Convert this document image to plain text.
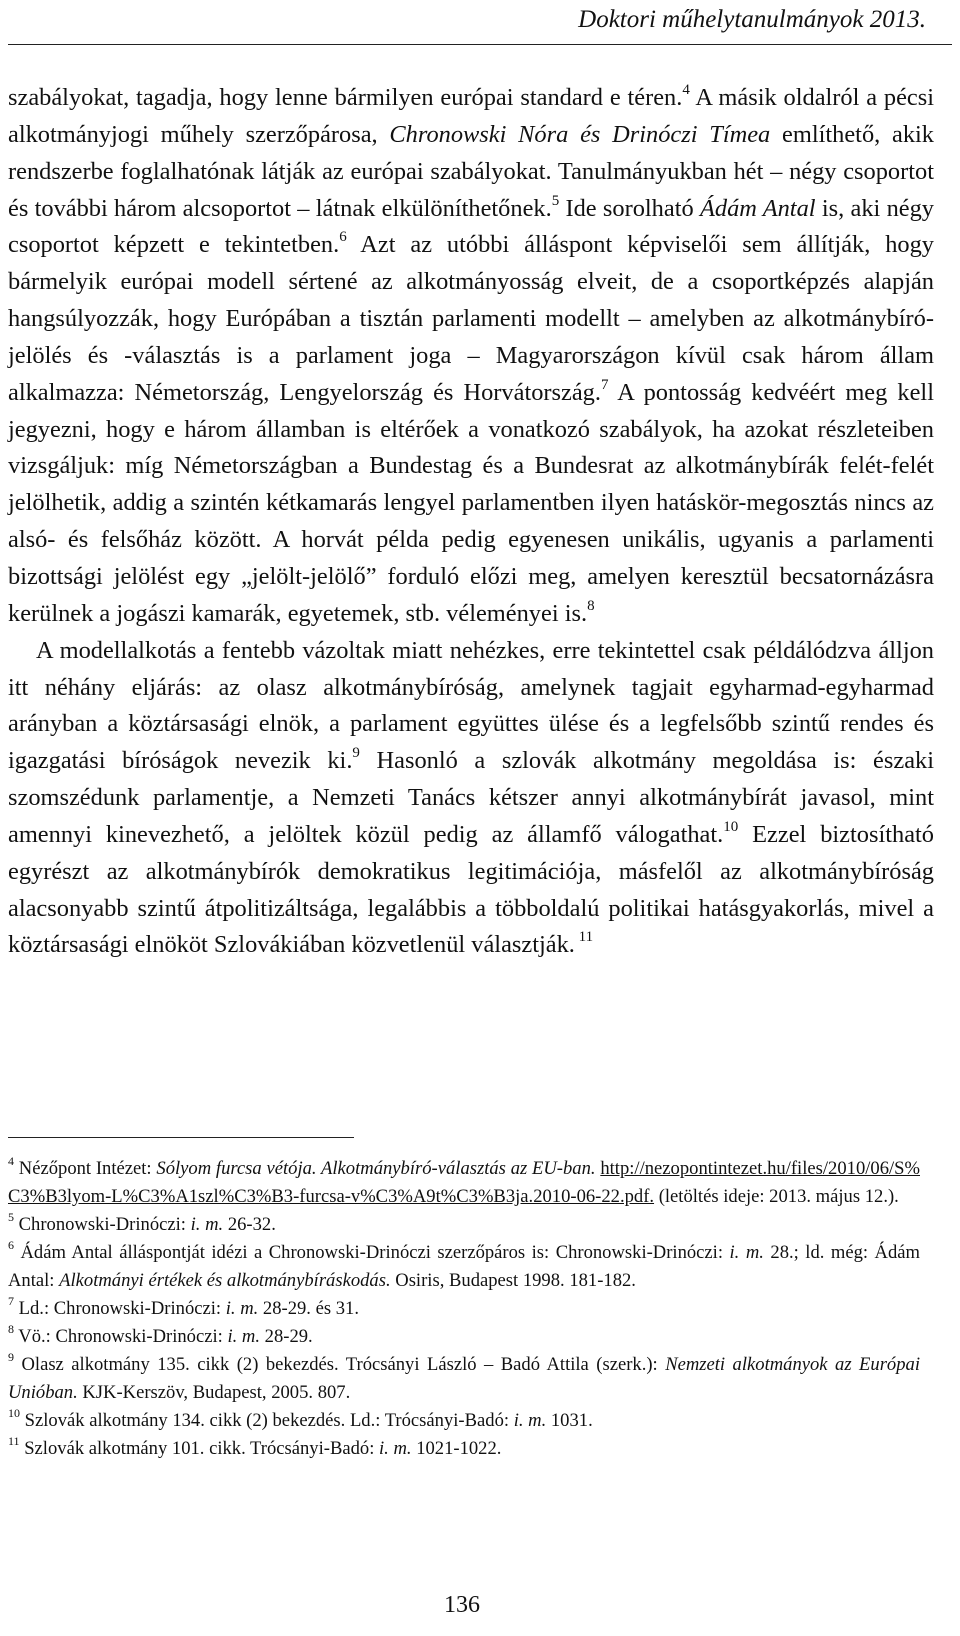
Doktori műhelytanulmányok 2013.

szabályokat, tagadja, hogy lenne bármilyen európai standard e téren.$^4$ A másik oldalról a pécsi alkotmányjogi műhely szerzőpárosa, Chronowski Nóra és Drinóczi Tímea említhető, akik rendszerbe foglalhatónak látják az európai szabályokat. Tanulmányukban hét – négy csoportot és további három alcsoportot – látnak elkülöníthetőnek.$^5$ Ide sorolható Ádám Antal is, aki négy csoportot képzett e tekintetben.$^6$ Azt az utóbbi álláspont képviselői sem állítják, hogy bármelyik európai modell sértené az alkotmányosság elveit, de a csoportképzés alapján hangsúlyozzák, hogy Európában a tisztán parlamenti modellt – amelyben az alkotmánybíró-jelölés és -választás is a parlament joga – Magyarországon kívül csak három állam alkalmazza: Németország, Lengyelország és Horvátország.$^7$ A pontosság kedvéért meg kell jegyezni, hogy e három államban is eltérőek a vonatkozó szabályok, ha azokat részleteiben vizsgáljuk: míg Németországban a Bundestag és a Bundesrat az alkotmánybírák felét-felét jelölhetik, addig a szintén kétkamarás lengyel parlamentben ilyen hatáskör-megosztás nincs az alsó- és felsőház között. A horvát példa pedig egyenesen unikális, ugyanis a parlamenti bizottsági jelölést egy „jelölt-jelölő” forduló előzi meg, amelyen keresztül becsatornázásra kerülnek a jogászi kamarák, egyetemek, stb. véleményei is.$^8$

A modellalkotás a fentebb vázoltak miatt nehézkes, erre tekintettel csak példálódzva álljon itt néhány eljárás: az olasz alkotmánybíróság, amelynek tagjait egyharmad-egyharmad arányban a köztársasági elnök, a parlament együttes ülése és a legfelsőbb szintű rendes és igazgatási bíróságok nevezik ki.$^9$ Hasonló a szlovák alkotmány megoldása is: északi szomszédunk parlamentje, a Nemzeti Tanács kétszer annyi alkotmánybírát javasol, mint amennyi kinevezhető, a jelöltek közül pedig az államfő válogathat.$^{10}$ Ezzel biztosítható egyrészt az alkotmánybírók demokratikus legitimációja, másfelől az alkotmánybíróság alacsonyabb szintű átpolitizáltsága, legalábbis a többoldalú politikai hatásgyakorlás, mivel a köztársasági elnököt Szlovákiában közvetlenül választják. $^{11}$

$^4$ Nézőpont Intézet: Sólyom furcsa vétója. Alkotmánybíró-választás az EU-ban. http://nezopontintezet.hu/files/2010/06/S%C3%B3lyom-L%C3%A1szl%C3%B3-furcsa-v%C3%A9t%C3%B3ja.2010-06-22.pdf. (letöltés ideje: 2013. május 12.).

$^5$ Chronowski-Drinóczi: i. m. 26-32.

$^6$ Ádám Antal álláspontját idézi a Chronowski-Drinóczi szerzőpáros is: Chronowski-Drinóczi: i. m. 28.; ld. még: Ádám Antal: Alkotmányi értékek és alkotmánybíráskodás. Osiris, Budapest 1998. 181-182.

$^7$ Ld.: Chronowski-Drinóczi: i. m. 28-29. és 31.

$^8$ Vö.: Chronowski-Drinóczi: i. m. 28-29.

$^9$ Olasz alkotmány 135. cikk (2) bekezdés. Trócsányi László – Badó Attila (szerk.): Nemzeti alkotmányok az Európai Unióban. KJK-Kerszöv, Budapest, 2005. 807.

$^{10}$ Szlovák alkotmány 134. cikk (2) bekezdés. Ld.: Trócsányi-Badó: i. m. 1031.

$^{11}$ Szlovák alkotmány 101. cikk. Trócsányi-Badó: i. m. 1021-1022.

136
